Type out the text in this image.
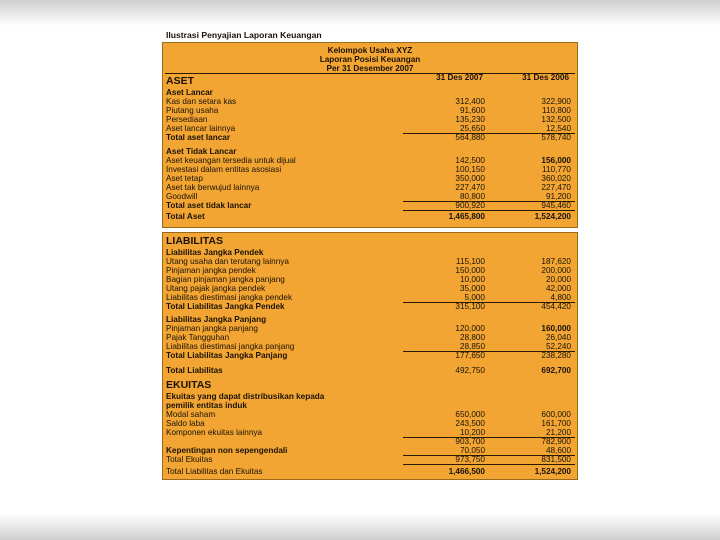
Ilustrasi Penyajian Laporan Keuangan
Kelompok Usaha XYZ
Laporan Posisi Keuangan
Per 31 Desember 2007
ASET	31 Des 2007	31 Des 2006
Aset Lancar
Kas dan setara kas	312,400	322,900
Piutang usaha	91,600	110,800
Persediaan	135,230	132,500
Aset lancar lainnya	25,650	12,540
Total aset lancar	564,880	578,740
Aset Tidak Lancar
Aset keuangan tersedia untuk dijual	142,500	156,000
Investasi dalam entitas asosiasi	100,150	110,770
Aset tetap	350,000	360,020
Aset tak berwujud lainnya	227,470	227,470
Goodwill	80,800	91,200
Total aset tidak lancar	900,920	945,460
Total Aset	1,465,800	1,524,200
LIABILITAS
Liabilitas Jangka Pendek
Utang usaha dan terutang lainnya	115,100	187,620
Pinjaman jangka pendek	150,000	200,000
Bagian pinjaman jangka panjang	10,000	20,000
Utang pajak jangka pendek	35,000	42,000
Liabilitas diestimasi jangka pendek	5,000	4,800
Total Liabilitas Jangka Pendek	315,100	454,420
Liabilitas Jangka Panjang
Pinjaman jangka panjang	120,000	160,000
Pajak Tangguhan	28,800	26,040
Liabilitas diestimasi jangka panjang	28,850	52,240
Total Liabilitas Jangka Panjang	177,650	238,280
Total Liabilitas	492,750	692,700
EKUITAS
Ekuitas yang dapat distribusikan kepada
pemilik entitas induk
Modal saham	650,000	600,000
Saldo laba	243,500	161,700
Komponen ekuitas lainnya	10,200	21,200
903,700	782,900
Kepentingan non sepengendali	70,050	48,600
Total Ekuitas	973,750	831,500
Total Liabilitas dan Ekuitas	1,466,500	1,524,200
